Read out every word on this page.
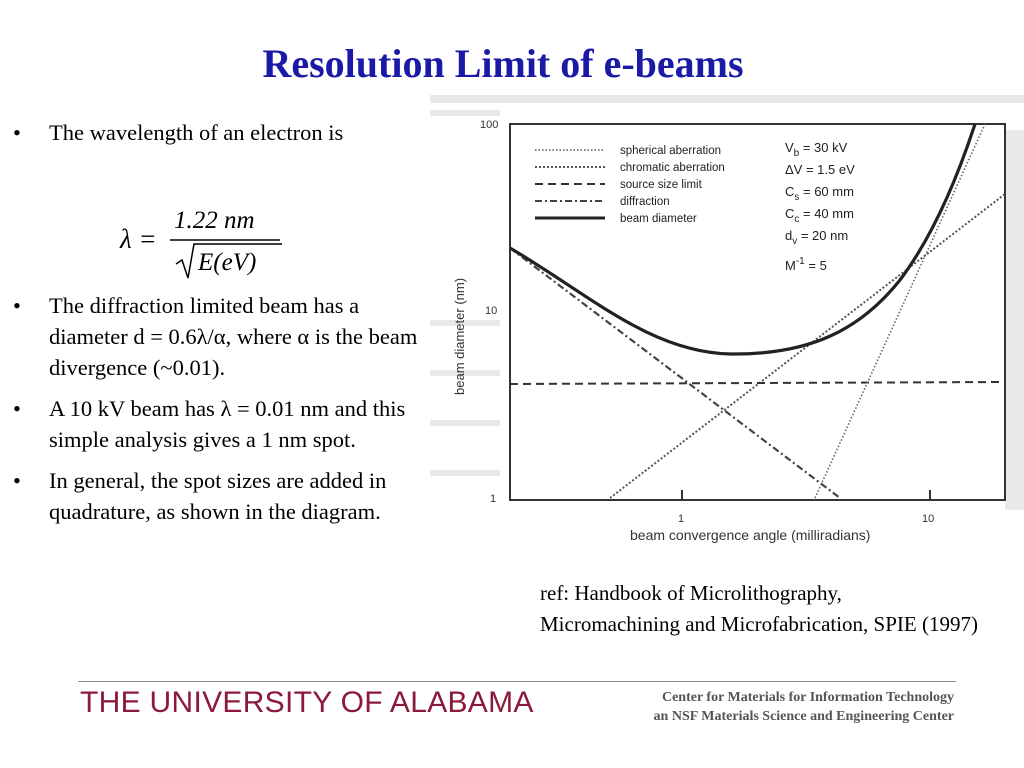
Resolution Limit of e-beams
• The wavelength of an electron is
• The diffraction limited beam has a diameter d = 0.6λ/α, where α is the beam divergence (~0.01).
• A 10 kV beam has λ = 0.01 nm and this simple analysis gives a 1 nm spot.
• In general, the spot sizes are added in quadrature, as shown in the diagram.
λ =
1.22 nm
E(eV)
100
10
1
1	10
beam convergence angle (milliradians)
beam diameter (nm)
spherical aberration
chromatic aberration
source size limit
diffraction
beam diameter
$V_b = 30$ kV
ΔV = 1.5 eV
$C_s = 60$ mm
$C_c = 40$ mm
$d_v = 20$ nm
$M^{-1} = 5$
ref: Handbook of Microlithography, Micromachining and Microfabrication, SPIE (1997)
THE UNIVERSITY OF ALABAMA	Center for Materials for Information Technology
an NSF Materials Science and Engineering Center
